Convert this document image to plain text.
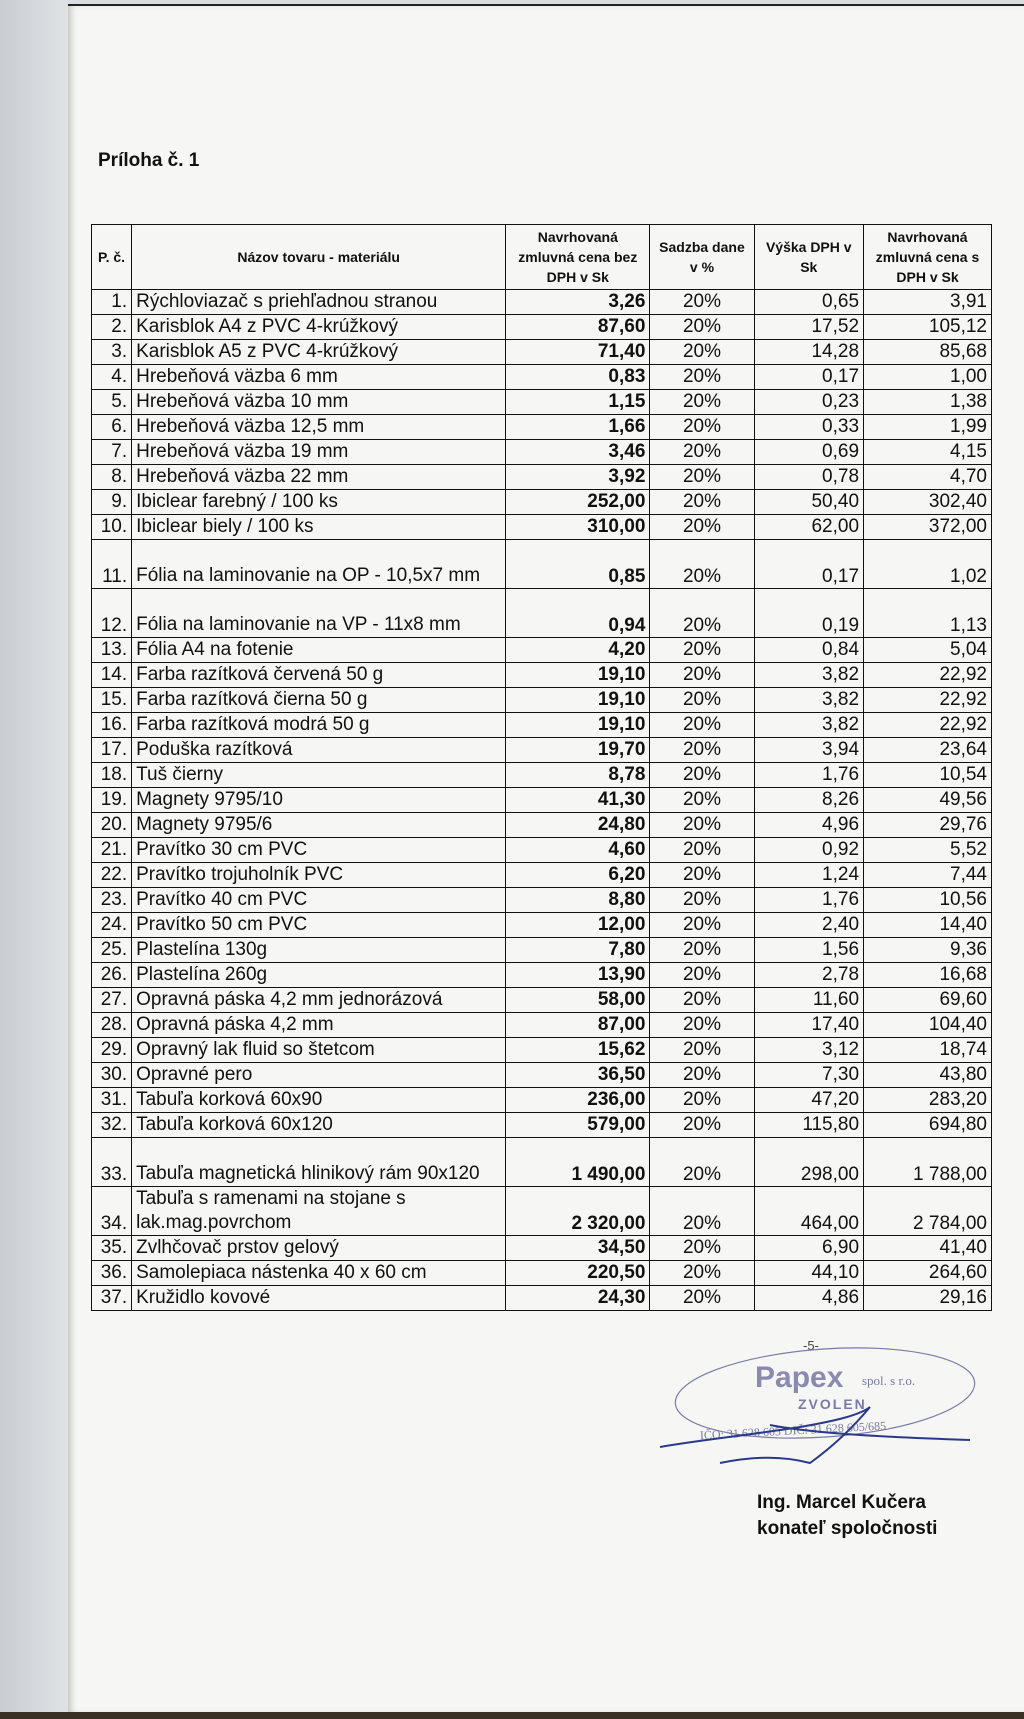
Príloha č. 1
P. č.	Názov tovaru - materiálu	Navrhovaná zmluvná cena bez DPH v Sk	Sadzba dane v %	Výška DPH v Sk	Navrhovaná zmluvná cena s DPH v Sk
1.	Rýchloviazač s priehľadnou stranou	3,26	20%	0,65	3,91
2.	Karisblok A4 z PVC 4-krúžkový	87,60	20%	17,52	105,12
3.	Karisblok A5 z PVC 4-krúžkový	71,40	20%	14,28	85,68
4.	Hrebeňová väzba 6 mm	0,83	20%	0,17	1,00
5.	Hrebeňová väzba 10 mm	1,15	20%	0,23	1,38
6.	Hrebeňová väzba 12,5 mm	1,66	20%	0,33	1,99
7.	Hrebeňová väzba 19 mm	3,46	20%	0,69	4,15
8.	Hrebeňová väzba 22 mm	3,92	20%	0,78	4,70
9.	Ibiclear farebný / 100 ks	252,00	20%	50,40	302,40
10.	Ibiclear biely / 100 ks	310,00	20%	62,00	372,00
11.	Fólia na laminovanie na OP - 10,5x7 mm	0,85	20%	0,17	1,02
12.	Fólia na laminovanie na VP - 11x8 mm	0,94	20%	0,19	1,13
13.	Fólia A4 na fotenie	4,20	20%	0,84	5,04
14.	Farba razítková červená 50 g	19,10	20%	3,82	22,92
15.	Farba razítková čierna 50 g	19,10	20%	3,82	22,92
16.	Farba razítková modrá 50 g	19,10	20%	3,82	22,92
17.	Poduška razítková	19,70	20%	3,94	23,64
18.	Tuš čierny	8,78	20%	1,76	10,54
19.	Magnety 9795/10	41,30	20%	8,26	49,56
20.	Magnety 9795/6	24,80	20%	4,96	29,76
21.	Pravítko 30 cm PVC	4,60	20%	0,92	5,52
22.	Pravítko trojuholník PVC	6,20	20%	1,24	7,44
23.	Pravítko 40 cm PVC	8,80	20%	1,76	10,56
24.	Pravítko 50 cm PVC	12,00	20%	2,40	14,40
25.	Plastelína 130g	7,80	20%	1,56	9,36
26.	Plastelína 260g	13,90	20%	2,78	16,68
27.	Opravná páska 4,2 mm jednorázová	58,00	20%	11,60	69,60
28.	Opravná páska 4,2 mm	87,00	20%	17,40	104,40
29.	Opravný lak fluid so štetcom	15,62	20%	3,12	18,74
30.	Opravné pero	36,50	20%	7,30	43,80
31.	Tabuľa korková 60x90	236,00	20%	47,20	283,20
32.	Tabuľa korková 60x120	579,00	20%	115,80	694,80
33.	Tabuľa magnetická hlinikový rám 90x120	1 490,00	20%	298,00	1 788,00
34.	Tabuľa s ramenami na stojane s lak.mag.povrchom	2 320,00	20%	464,00	2 784,00
35.	Zvlhčovač prstov gelový	34,50	20%	6,90	41,40
36.	Samolepiaca nástenka 40 x 60 cm	220,50	20%	44,10	264,60
37.	Kružidlo kovové	24,30	20%	4,86	29,16
-5-
Papex spol. s r.o.
ZVOLEN
IČO: 31 628 605 DIČ: 31 628 605/685
Ing. Marcel Kučera
konateľ spoločnosti
